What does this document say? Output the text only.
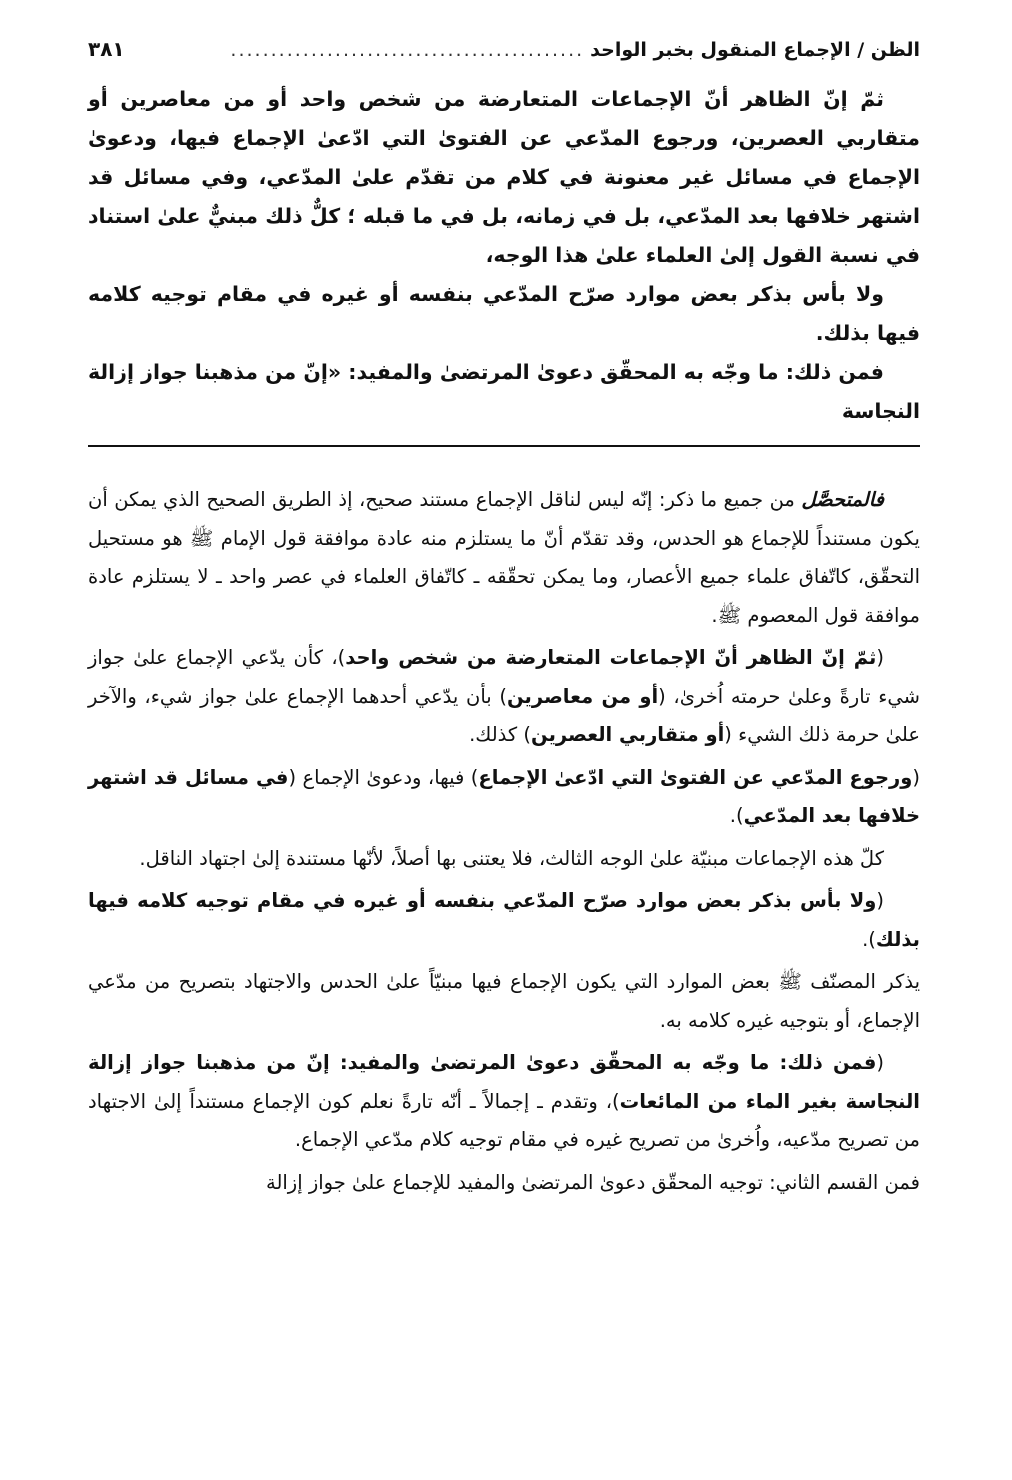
الظن / الإجماع المنقول بخبر الواحد
............................................
٣٨١

ثمّ إنّ الظاهر أنّ الإجماعات المتعارضة من شخص واحد أو من معاصرين أو متقاربي العصرين، ورجوع المدّعي عن الفتوىٰ التي ادّعىٰ الإجماع فيها، ودعوىٰ الإجماع في مسائل غير معنونة في كلام من تقدّم علىٰ المدّعي، وفي مسائل قد اشتهر خلافها بعد المدّعي، بل في زمانه، بل في ما قبله ؛ كلٌّ ذلك مبنيٌّ علىٰ استناد في نسبة القول إلىٰ العلماء علىٰ هذا الوجه،

ولا بأس بذكر بعض موارد صرّح المدّعي بنفسه أو غيره في مقام توجيه كلامه فيها بذلك.

فمن ذلك: ما وجّه به المحقّق دعوىٰ المرتضىٰ والمفيد: «إنّ من مذهبنا جواز إزالة النجاسة

فالمتحصَّل من جميع ما ذكر: إنّه ليس لناقل الإجماع مستند صحيح، إذ الطريق الصحيح الذي يمكن أن يكون مستنداً للإجماع هو الحدس، وقد تقدّم أنّ ما يستلزم منه عادة موافقة قول الإمام ﷺ هو مستحيل التحقّق، كاتّفاق علماء جميع الأعصار، وما يمكن تحقّقه ـ كاتّفاق العلماء في عصر واحد ـ لا يستلزم عادة موافقة قول المعصوم ﷺ.

(ثمّ إنّ الظاهر أنّ الإجماعات المتعارضة من شخص واحد)، كأن يدّعي الإجماع علىٰ جواز شيء تارةً وعلىٰ حرمته اُخرىٰ، (أو من معاصرين) بأن يدّعي أحدهما الإجماع علىٰ جواز شيء، والآخر علىٰ حرمة ذلك الشيء (أو متقاربي العصرين) كذلك.

(ورجوع المدّعي عن الفتوىٰ التي ادّعىٰ الإجماع) فيها، ودعوىٰ الإجماع (في مسائل قد اشتهر خلافها بعد المدّعي).

كلّ هذه الإجماعات مبنيّة علىٰ الوجه الثالث، فلا يعتنى بها أصلاً، لأنّها مستندة إلىٰ اجتهاد الناقل.

(ولا بأس بذكر بعض موارد صرّح المدّعي بنفسه أو غيره في مقام توجيه كلامه فيها بذلك).

يذكر المصنّف ﷺ بعض الموارد التي يكون الإجماع فيها مبنيّاً علىٰ الحدس والاجتهاد بتصريح من مدّعي الإجماع، أو بتوجيه غيره كلامه به.

(فمن ذلك: ما وجّه به المحقّق دعوىٰ المرتضىٰ والمفيد: إنّ من مذهبنا جواز إزالة النجاسة بغير الماء من المائعات)، وتقدم ـ إجمالاً ـ أنّه تارةً نعلم كون الإجماع مستنداً إلىٰ الاجتهاد من تصريح مدّعيه، واُخرىٰ من تصريح غيره في مقام توجيه كلام مدّعي الإجماع.

فمن القسم الثاني: توجيه المحقّق دعوىٰ المرتضىٰ والمفيد للإجماع علىٰ جواز إزالة
